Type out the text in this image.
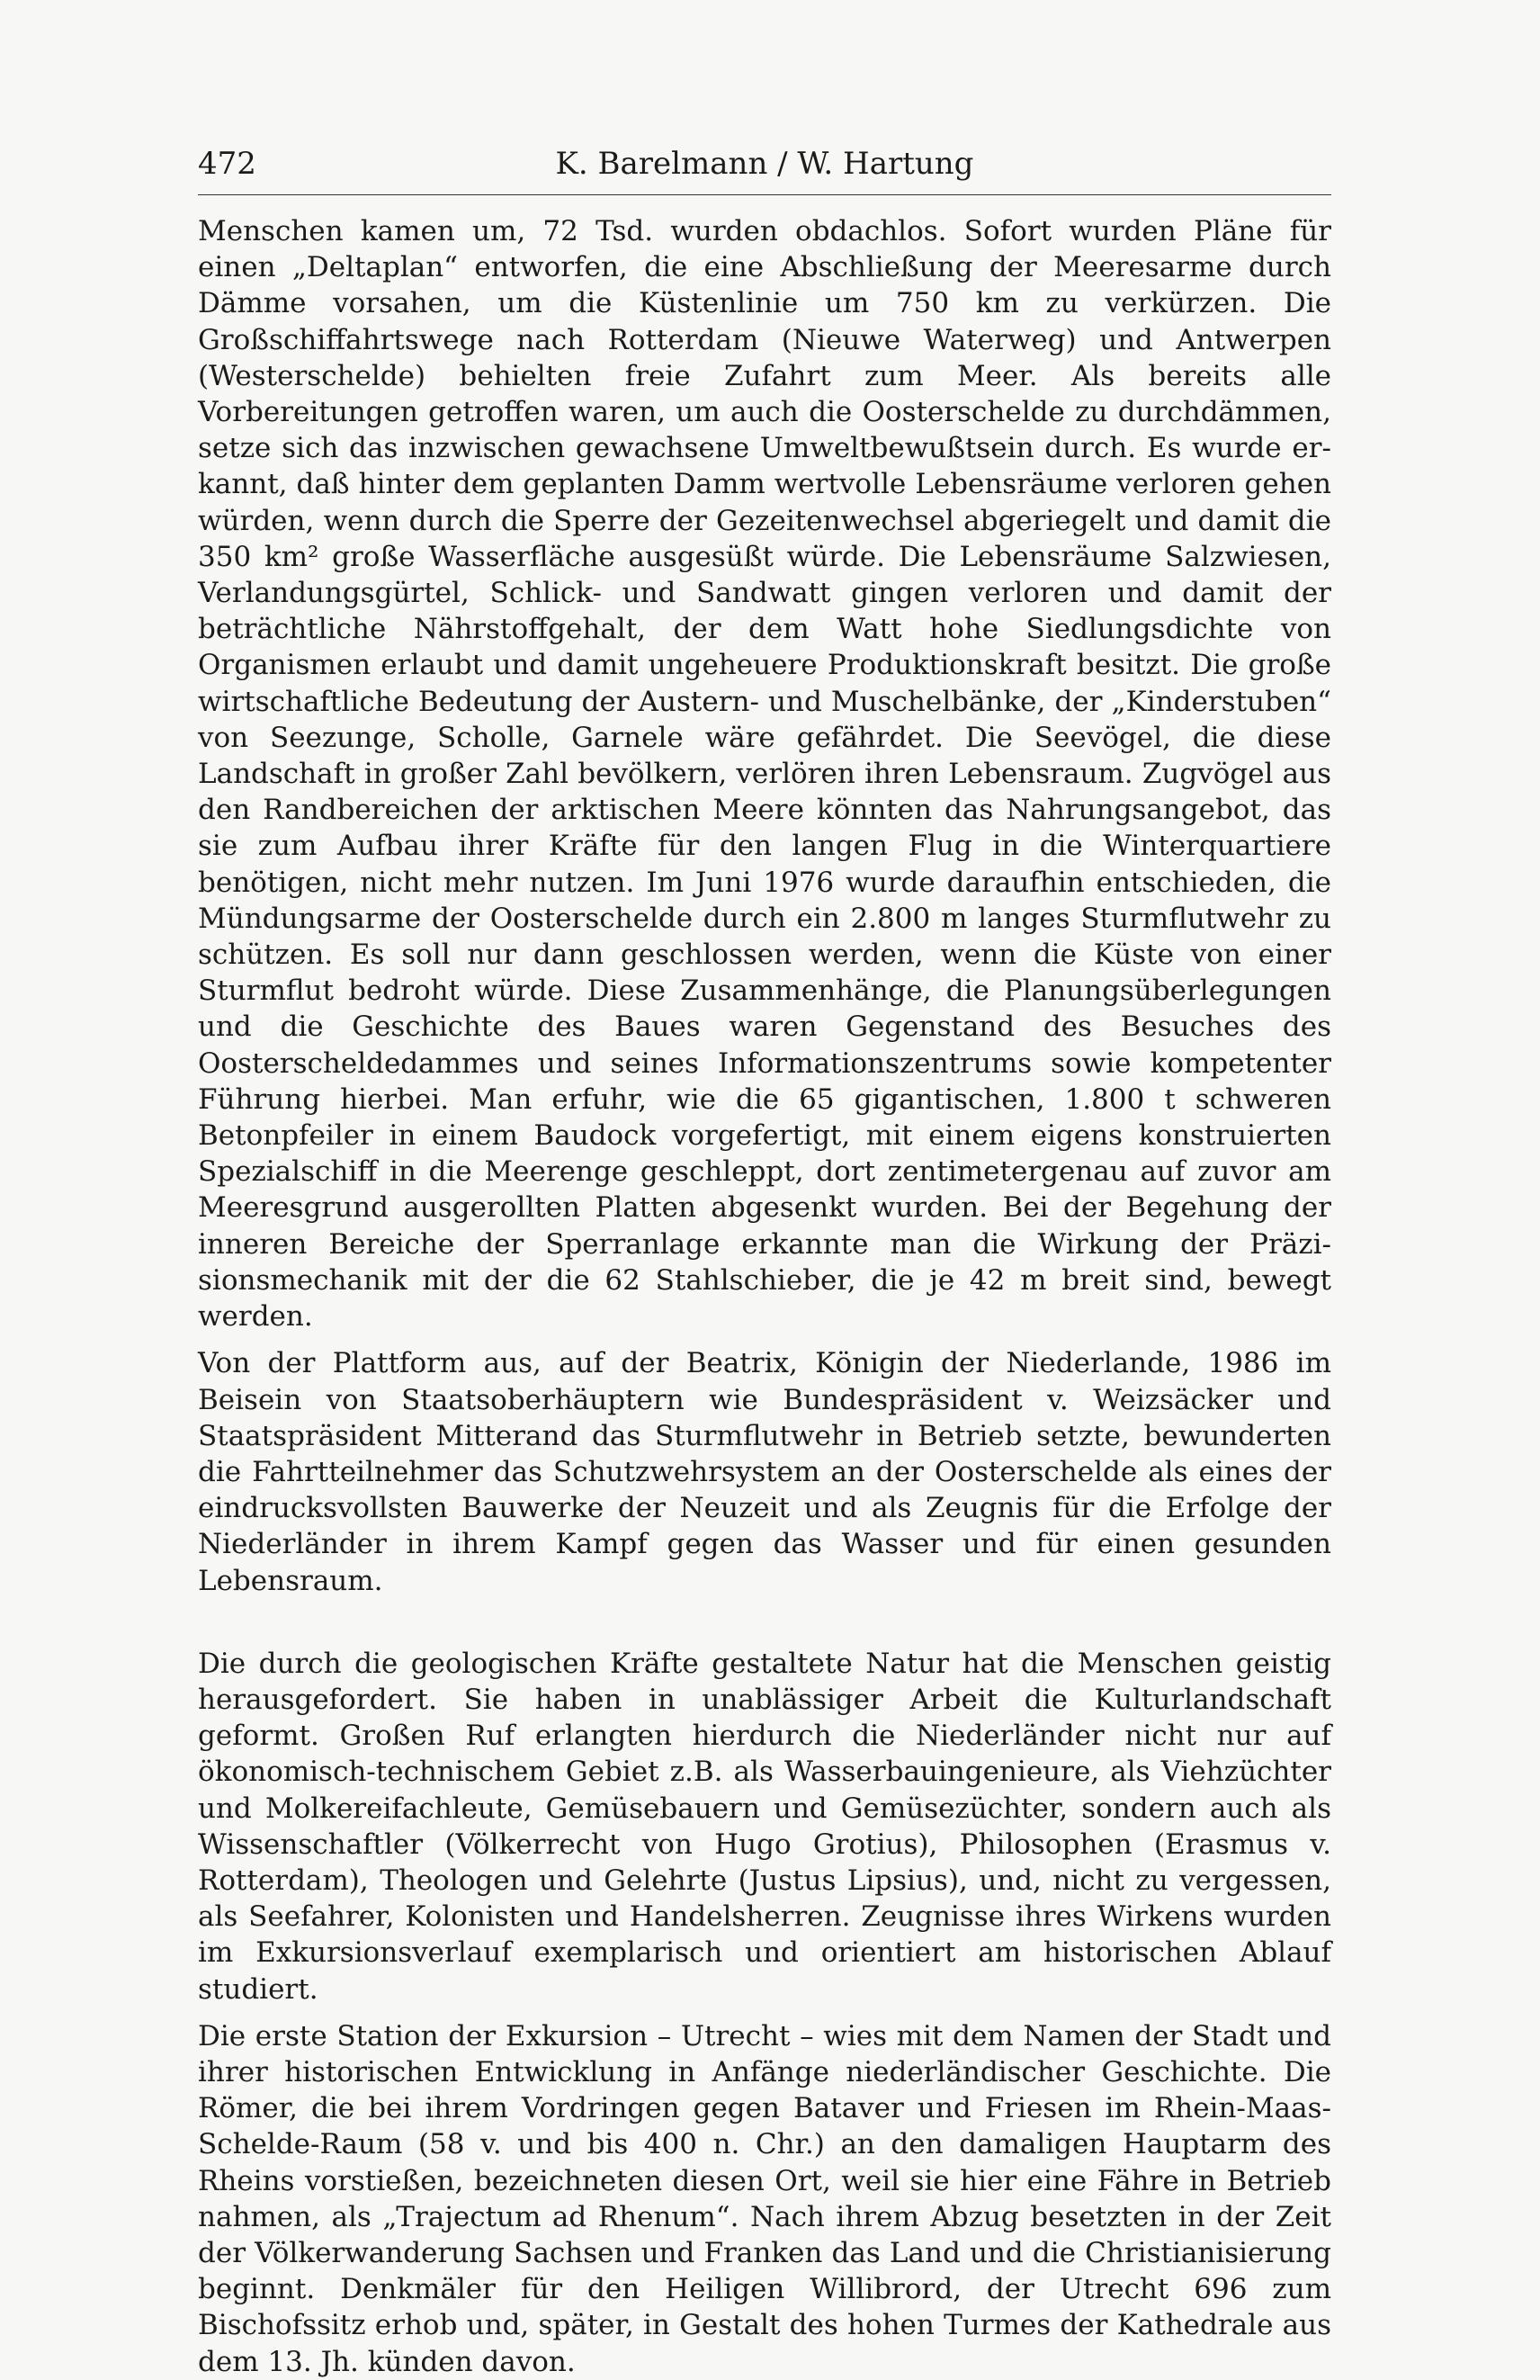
472	K. Barelmann / W. Hartung

Menschen kamen um, 72 Tsd. wurden obdachlos. Sofort wurden Pläne für einen „Deltaplan“ entworfen, die eine Abschließung der Meeresarme durch Dämme vorsahen, um die Küstenlinie um 750 km zu verkürzen. Die Großschiffahrtswege nach Rotterdam (Nieuwe Waterweg) und Antwerpen (Westerschelde) behielten freie Zufahrt zum Meer. Als bereits alle Vorbereitungen getroffen waren, um auch die Oosterschelde zu durchdämmen, setze sich das inzwischen gewachsene Umweltbewußtsein durch. Es wurde erkannt, daß hinter dem geplanten Damm wertvolle Lebensräume verloren gehen würden, wenn durch die Sperre der Gezeitenwechsel abgeriegelt und damit die 350 km² große Wasserfläche ausgesüßt würde. Die Lebensräume Salzwiesen, Verlandungsgürtel, Schlick- und Sandwatt gingen verloren und damit der beträchtliche Nährstoffgehalt, der dem Watt hohe Siedlungsdichte von Organismen erlaubt und damit ungeheuere Produktionskraft besitzt. Die große wirtschaftliche Bedeutung der Austern- und Muschelbänke, der „Kinderstuben“ von Seezunge, Scholle, Garnele wäre gefährdet. Die Seevögel, die diese Landschaft in großer Zahl bevölkern, verlören ihren Lebensraum. Zugvögel aus den Randbereichen der arktischen Meere könnten das Nahrungsangebot, das sie zum Aufbau ihrer Kräfte für den langen Flug in die Winterquartiere benötigen, nicht mehr nutzen. Im Juni 1976 wurde daraufhin entschieden, die Mündungsarme der Oosterschelde durch ein 2.800 m langes Sturmflutwehr zu schützen. Es soll nur dann geschlossen werden, wenn die Küste von einer Sturmflut bedroht würde. Diese Zusammenhänge, die Planungsüberlegungen und die Geschichte des Baues waren Gegenstand des Besuches des Oosterscheldedammes und seines Informationszentrums sowie kompetenter Führung hierbei. Man erfuhr, wie die 65 gigantischen, 1.800 t schweren Betonpfeiler in einem Baudock vorgefertigt, mit einem eigens konstruierten Spezialschiff in die Meerenge geschleppt, dort zentimetergenau auf zuvor am Meeresgrund ausgerollten Platten abgesenkt wurden. Bei der Begehung der inneren Bereiche der Sperranlage erkannte man die Wirkung der Präzisionsmechanik mit der die 62 Stahlschieber, die je 42 m breit sind, bewegt werden.

Von der Plattform aus, auf der Beatrix, Königin der Niederlande, 1986 im Beisein von Staatsoberhäuptern wie Bundespräsident v. Weizsäcker und Staatspräsident Mitterand das Sturmflutwehr in Betrieb setzte, bewunderten die Fahrtteilnehmer das Schutzwehrsystem an der Oosterschelde als eines der eindrucksvollsten Bauwerke der Neuzeit und als Zeugnis für die Erfolge der Niederländer in ihrem Kampf gegen das Wasser und für einen gesunden Lebensraum.

Die durch die geologischen Kräfte gestaltete Natur hat die Menschen geistig herausgefordert. Sie haben in unablässiger Arbeit die Kulturlandschaft geformt. Großen Ruf erlangten hierdurch die Niederländer nicht nur auf ökonomisch-technischem Gebiet z.B. als Wasserbauingenieure, als Viehzüchter und Molkereifachleute, Gemüsebauern und Gemüsezüchter, sondern auch als Wissenschaftler (Völkerrecht von Hugo Grotius), Philosophen (Erasmus v. Rotterdam), Theologen und Gelehrte (Justus Lipsius), und, nicht zu vergessen, als Seefahrer, Kolonisten und Handelsherren. Zeugnisse ihres Wirkens wurden im Exkursionsverlauf exemplarisch und orientiert am historischen Ablauf studiert.

Die erste Station der Exkursion – Utrecht – wies mit dem Namen der Stadt und ihrer historischen Entwicklung in Anfänge niederländischer Geschichte. Die Römer, die bei ihrem Vordringen gegen Bataver und Friesen im Rhein-Maas-Schelde-Raum (58 v. und bis 400 n. Chr.) an den damaligen Hauptarm des Rheins vorstießen, bezeichneten diesen Ort, weil sie hier eine Fähre in Betrieb nahmen, als „Trajectum ad Rhenum“. Nach ihrem Abzug besetzten in der Zeit der Völkerwanderung Sachsen und Franken das Land und die Christianisierung beginnt. Denkmäler für den Heiligen Willibrord, der Utrecht 696 zum Bischofssitz erhob und, später, in Gestalt des hohen Turmes der Kathedrale aus dem 13. Jh. künden davon.
